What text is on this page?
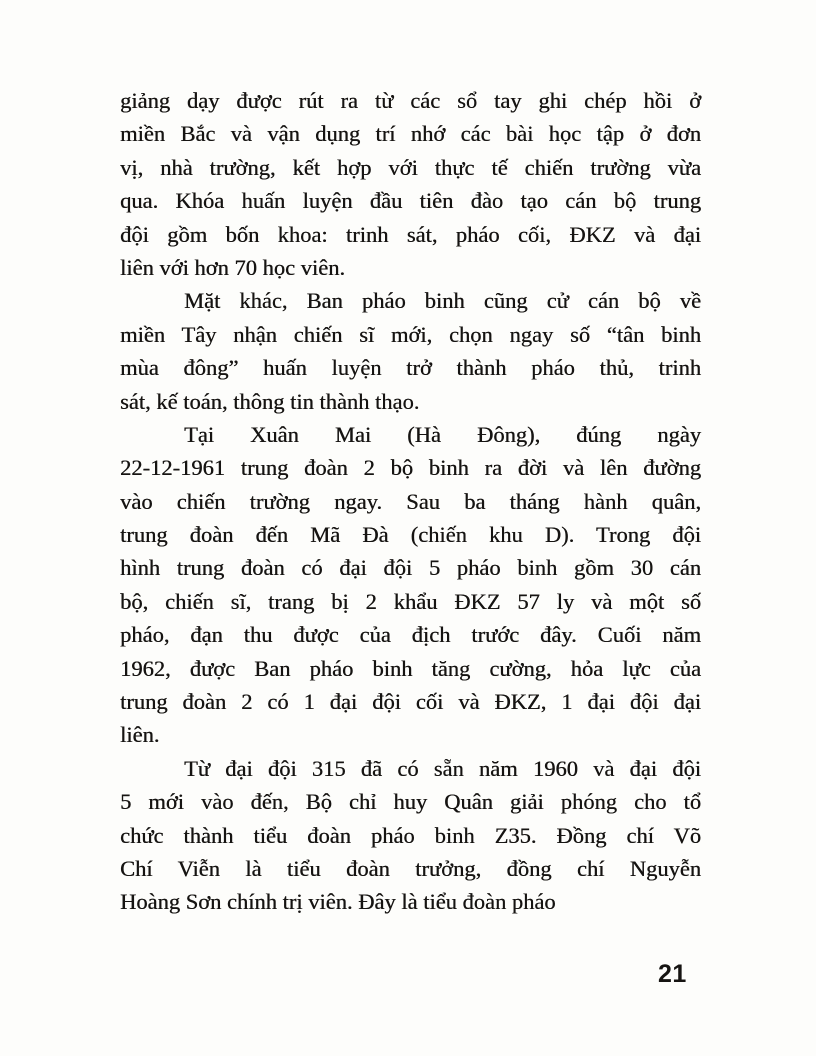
giảng dạy được rút ra từ các sổ tay ghi chép hồi ở
miền Bắc và vận dụng trí nhớ các bài học tập ở đơn
vị, nhà trường, kết hợp với thực tế chiến trường vừa
qua. Khóa huấn luyện đầu tiên đào tạo cán bộ trung
đội gồm bốn khoa: trinh sát, pháo cối, ĐKZ và đại
liên với hơn 70 học viên.
Mặt khác, Ban pháo binh cũng cử cán bộ về
miền Tây nhận chiến sĩ mới, chọn ngay số “tân binh
mùa đông” huấn luyện trở thành pháo thủ, trinh
sát, kế toán, thông tin thành thạo.
Tại Xuân Mai (Hà Đông), đúng ngày
22-12-1961 trung đoàn 2 bộ binh ra đời và lên đường
vào chiến trường ngay. Sau ba tháng hành quân,
trung đoàn đến Mã Đà (chiến khu D). Trong đội
hình trung đoàn có đại đội 5 pháo binh gồm 30 cán
bộ, chiến sĩ, trang bị 2 khẩu ĐKZ 57 ly và một số
pháo, đạn thu được của địch trước đây. Cuối năm
1962, được Ban pháo binh tăng cường, hỏa lực của
trung đoàn 2 có 1 đại đội cối và ĐKZ, 1 đại đội đại
liên.
Từ đại đội 315 đã có sẵn năm 1960 và đại đội
5 mới vào đến, Bộ chỉ huy Quân giải phóng cho tổ
chức thành tiểu đoàn pháo binh Z35. Đồng chí Võ
Chí Viễn là tiểu đoàn trưởng, đồng chí Nguyễn
Hoàng Sơn chính trị viên. Đây là tiểu đoàn pháo
21
